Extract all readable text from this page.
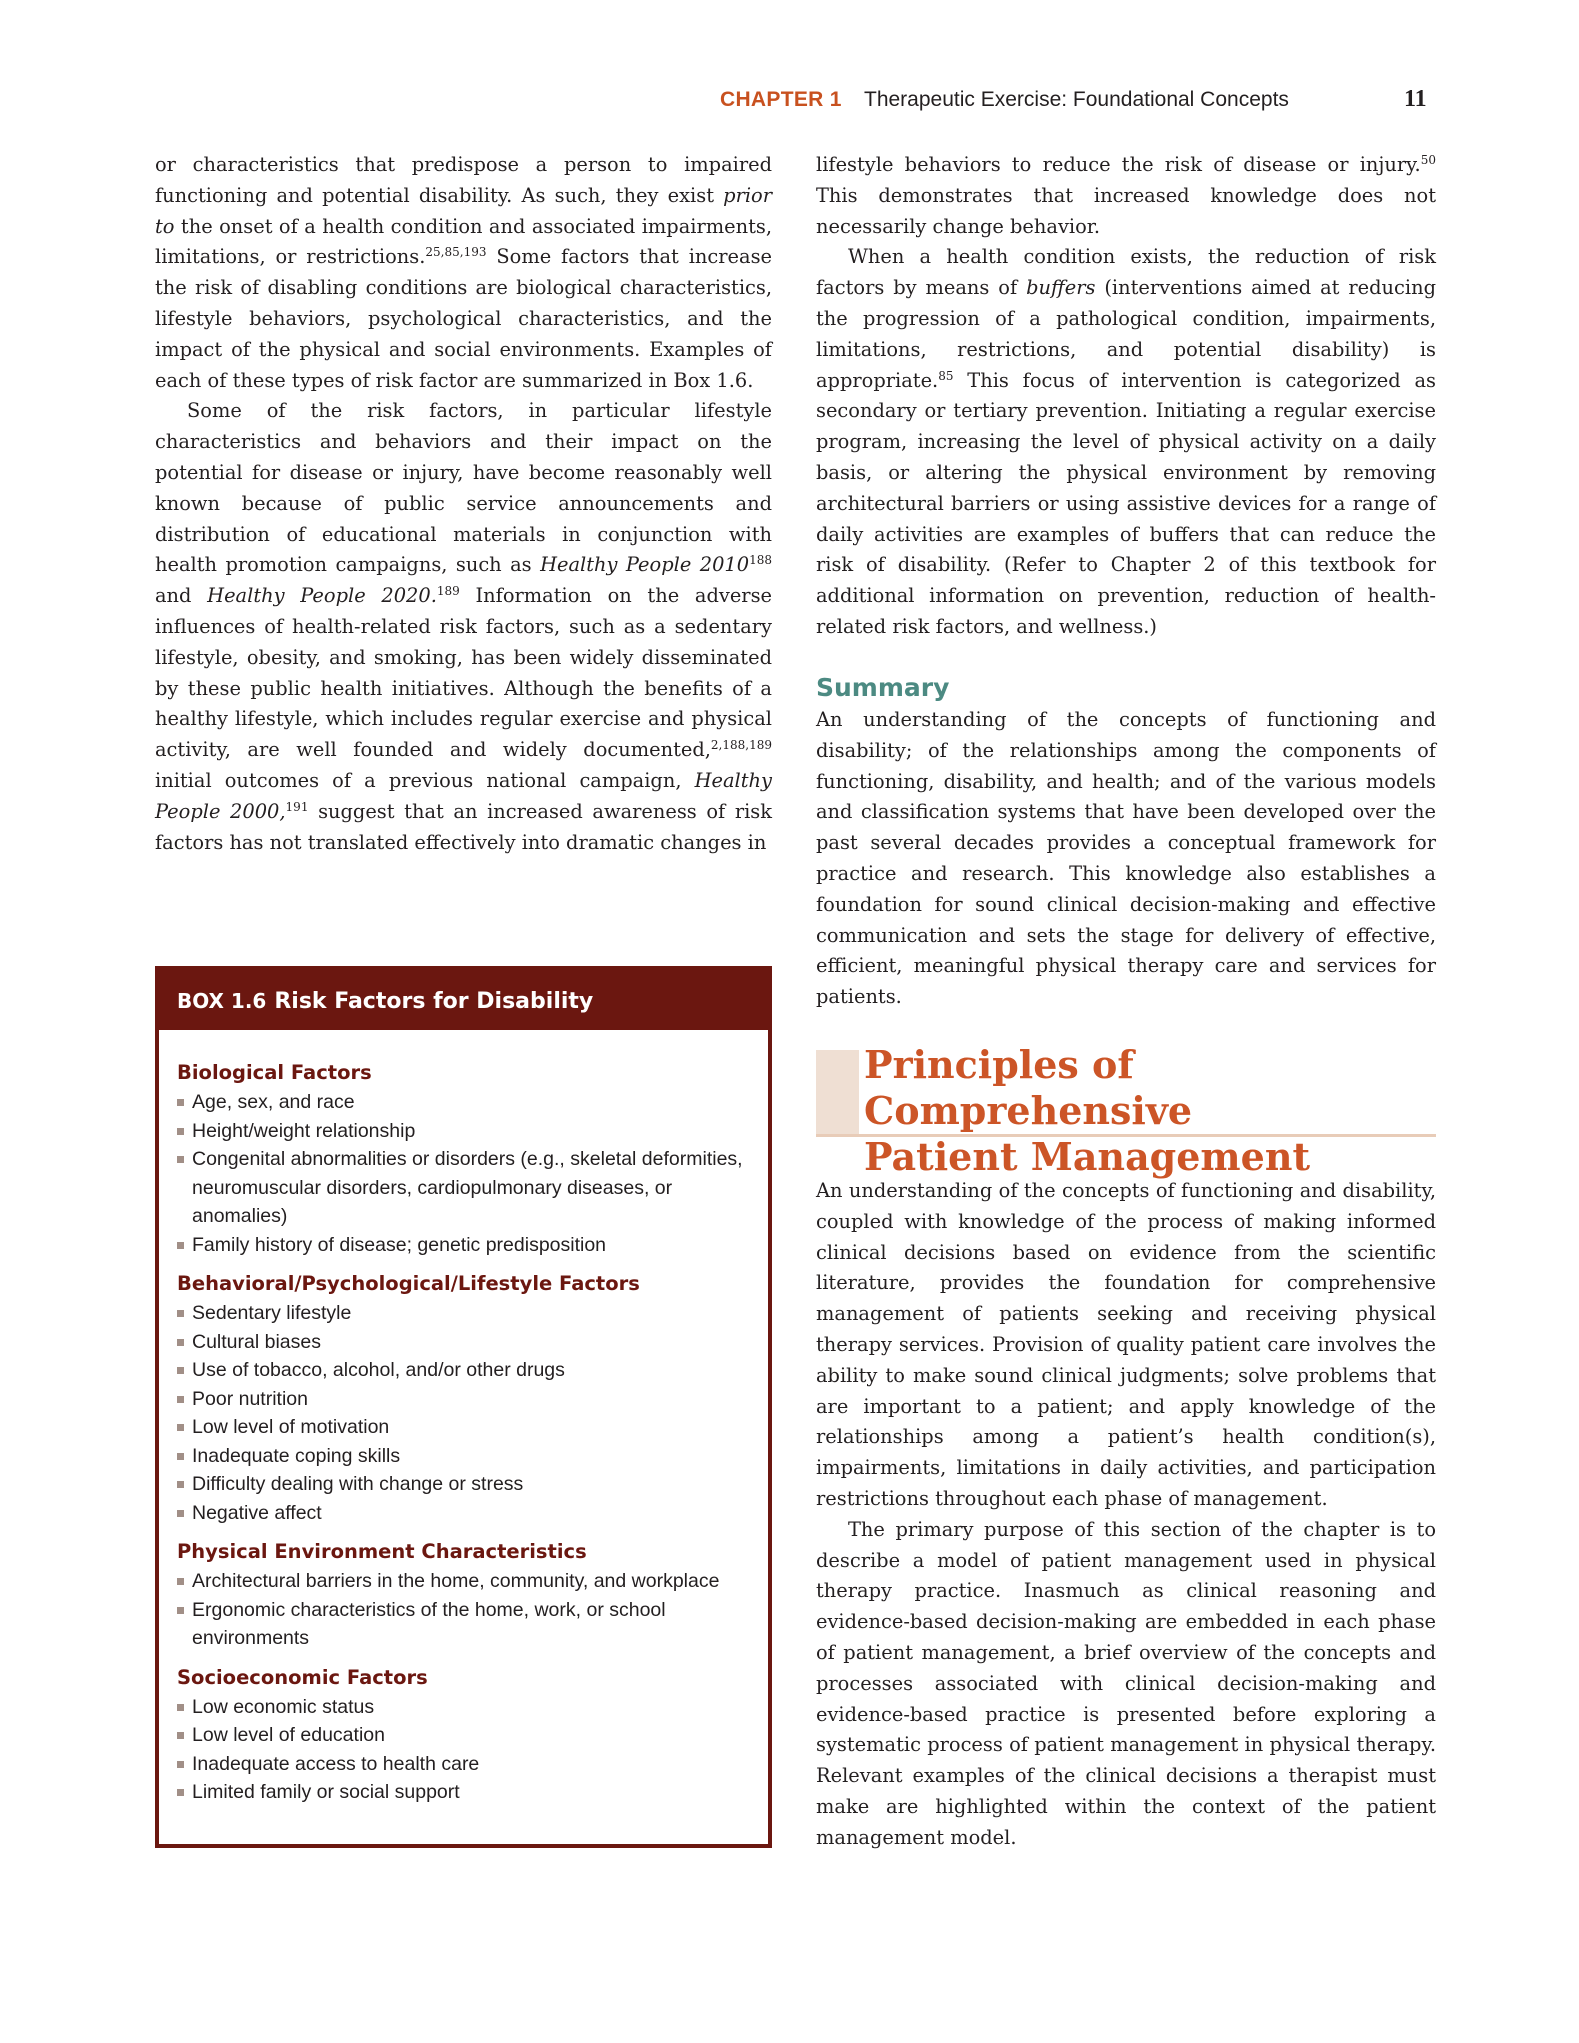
CHAPTER 1 Therapeutic Exercise: Foundational Concepts	11

or characteristics that predispose a person to impaired functioning and potential disability. As such, they exist prior to the onset of a health condition and associated impairments, limitations, or restrictions.$^{25,85,193}$ Some factors that increase the risk of disabling conditions are biological characteristics, lifestyle behaviors, psychological characteristics, and the impact of the physical and social environments. Examples of each of these types of risk factor are summarized in Box 1.6.

Some of the risk factors, in particular lifestyle characteristics and behaviors and their impact on the potential for disease or injury, have become reasonably well known because of public service announcements and distribution of educational materials in conjunction with health promotion campaigns, such as Healthy People 2010$^{188}$ and Healthy People 2020.$^{189}$ Information on the adverse influences of health-related risk factors, such as a sedentary lifestyle, obesity, and smoking, has been widely disseminated by these public health initiatives. Although the benefits of a healthy lifestyle, which includes regular exercise and physical activity, are well founded and widely documented,$^{2,188,189}$ initial outcomes of a previous national campaign, Healthy People 2000,$^{191}$ suggest that an increased awareness of risk factors has not translated effectively into dramatic changes in

BOX 1.6 Risk Factors for Disability
Biological Factors
Age, sex, and race
Height/weight relationship
Congenital abnormalities or disorders (e.g., skeletal deformities, neuromuscular disorders, cardiopulmonary diseases, or anomalies)
Family history of disease; genetic predisposition
Behavioral/Psychological/Lifestyle Factors
Sedentary lifestyle
Cultural biases
Use of tobacco, alcohol, and/or other drugs
Poor nutrition
Low level of motivation
Inadequate coping skills
Difficulty dealing with change or stress
Negative affect
Physical Environment Characteristics
Architectural barriers in the home, community, and workplace
Ergonomic characteristics of the home, work, or school environments
Socioeconomic Factors
Low economic status
Low level of education
Inadequate access to health care
Limited family or social support

lifestyle behaviors to reduce the risk of disease or injury.$^{50}$ This demonstrates that increased knowledge does not necessarily change behavior.

When a health condition exists, the reduction of risk factors by means of buffers (interventions aimed at reducing the progression of a pathological condition, impairments, limitations, restrictions, and potential disability) is appropriate.$^{85}$ This focus of intervention is categorized as secondary or tertiary prevention. Initiating a regular exercise program, increasing the level of physical activity on a daily basis, or altering the physical environment by removing architectural barriers or using assistive devices for a range of daily activities are examples of buffers that can reduce the risk of disability. (Refer to Chapter 2 of this textbook for additional information on prevention, reduction of health-related risk factors, and wellness.)

Summary

An understanding of the concepts of functioning and disability; of the relationships among the components of functioning, disability, and health; and of the various models and classification systems that have been developed over the past several decades provides a conceptual framework for practice and research. This knowledge also establishes a foundation for sound clinical decision-making and effective communication and sets the stage for delivery of effective, efficient, meaningful physical therapy care and services for patients.

Principles of Comprehensive
Patient Management

An understanding of the concepts of functioning and disability, coupled with knowledge of the process of making informed clinical decisions based on evidence from the scientific literature, provides the foundation for comprehensive management of patients seeking and receiving physical therapy services. Provision of quality patient care involves the ability to make sound clinical judgments; solve problems that are important to a patient; and apply knowledge of the relationships among a patient’s health condition(s), impairments, limitations in daily activities, and participation restrictions throughout each phase of management.

The primary purpose of this section of the chapter is to describe a model of patient management used in physical therapy practice. Inasmuch as clinical reasoning and evidence-based decision-making are embedded in each phase of patient management, a brief overview of the concepts and processes associated with clinical decision-making and evidence-based practice is presented before exploring a systematic process of patient management in physical therapy. Relevant examples of the clinical decisions a therapist must make are highlighted within the context of the patient management model.
